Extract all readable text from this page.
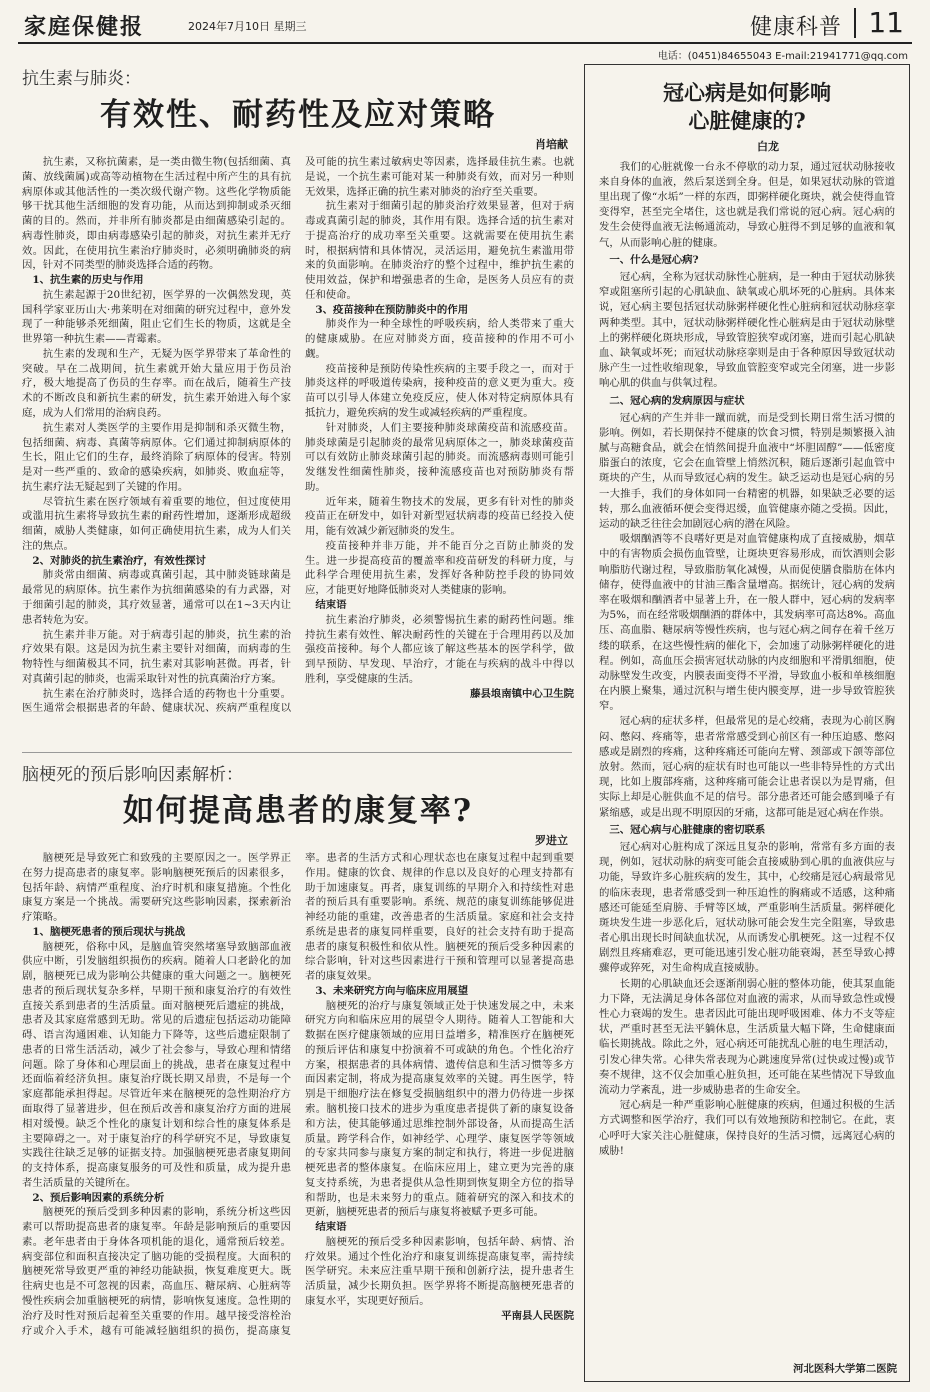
家庭保健报	2024年7月10日 星期三	健康科普 11
电话：(0451)84655043 E-mail:21941771@qq.com
抗生素与肺炎：
有效性、耐药性及应对策略
肖培献

抗生素，又称抗菌素，是一类由微生物(包括细菌、真菌、放线菌属)或高等动植物在生活过程中所产生的具有抗病原体或其他活性的一类次级代谢产物。这些化学物质能够干扰其他生活细胞的发育功能，从而达到抑制或杀灭细菌的目的。然而，并非所有肺炎都是由细菌感染引起的。病毒性肺炎，即由病毒感染引起的肺炎，对抗生素并无疗效。因此，在使用抗生素治疗肺炎时，必须明确肺炎的病因，针对不同类型的肺炎选择合适的药物。

1、抗生素的历史与作用

抗生素起源于20世纪初，医学界的一次偶然发现，英国科学家亚历山大·弗莱明在对细菌的研究过程中，意外发现了一种能够杀死细菌，阻止它们生长的物质，这就是全世界第一种抗生素——青霉素。

抗生素的发现和生产，无疑为医学界带来了革命性的突破。早在二战期间，抗生素就开始大量应用于伤员治疗，极大地提高了伤员的生存率。而在战后，随着生产技术的不断改良和新抗生素的研发，抗生素开始进入每个家庭，成为人们常用的治病良药。

抗生素对人类医学的主要作用是抑制和杀灭微生物，包括细菌、病毒、真菌等病原体。它们通过抑制病原体的生长，阻止它们的生存，最终消除了病原体的侵害。特别是对一些严重的、致命的感染疾病，如肺炎、败血症等，抗生素疗法无疑起到了关键的作用。

尽管抗生素在医疗领域有着重要的地位，但过度使用或滥用抗生素将导致抗生素的耐药性增加，逐渐形成超级细菌，威胁人类健康，如何正确使用抗生素，成为人们关注的焦点。

2、对肺炎的抗生素治疗，有效性探讨

肺炎常由细菌、病毒或真菌引起，其中肺炎链球菌是最常见的病原体。抗生素作为抗细菌感染的有力武器，对于细菌引起的肺炎，其疗效显著，通常可以在1~3天内让患者转危为安。

抗生素并非万能。对于病毒引起的肺炎，抗生素的治疗效果有限。这是因为抗生素主要针对细菌，而病毒的生物特性与细菌极其不同，抗生素对其影响甚微。再者，针对真菌引起的肺炎，也需采取针对性的抗真菌治疗方案。

抗生素在治疗肺炎时，选择合适的药物也十分重要。医生通常会根据患者的年龄、健康状况、疾病严重程度以及可能的抗生素过敏病史等因素，选择最佳抗生素。也就是说，一个抗生素可能对某一种肺炎有效，而对另一种则无效果，选择正确的抗生素对肺炎的治疗至关重要。

抗生素对于细菌引起的肺炎治疗效果显著，但对于病毒或真菌引起的肺炎，其作用有限。选择合适的抗生素对于提高治疗的成功率至关重要。这就需要在使用抗生素时，根据病情和具体情况，灵活运用，避免抗生素滥用带来的负面影响。在肺炎治疗的整个过程中，维护抗生素的使用效益，保护和增强患者的生命，是医务人员应有的责任和使命。

3、疫苗接种在预防肺炎中的作用

肺炎作为一种全球性的呼吸疾病，给人类带来了重大的健康威胁。在应对肺炎方面，疫苗接种的作用不可小觑。

疫苗接种是预防传染性疾病的主要手段之一，而对于肺炎这样的呼吸道传染病，接种疫苗的意义更为重大。疫苗可以引导人体建立免疫反应，使人体对特定病原体具有抵抗力，避免疾病的发生或减轻疾病的严重程度。

针对肺炎，人们主要接种肺炎球菌疫苗和流感疫苗。肺炎球菌是引起肺炎的最常见病原体之一，肺炎球菌疫苗可以有效防止肺炎球菌引起的肺炎。而流感病毒则可能引发继发性细菌性肺炎，接种流感疫苗也对预防肺炎有帮助。

近年来，随着生物技术的发展，更多有针对性的肺炎疫苗正在研发中，如针对新型冠状病毒的疫苗已经投入使用，能有效减少新冠肺炎的发生。

疫苗接种并非万能，并不能百分之百防止肺炎的发生。进一步提高疫苗的覆盖率和疫苗研发的科研力度，与此科学合理使用抗生素，发挥好各种防控手段的协同效应，才能更好地降低肺炎对人类健康的影响。

结束语

抗生素治疗肺炎，必须警惕抗生素的耐药性问题。维持抗生素有效性、解决耐药性的关键在于合理用药以及加强疫苗接种。每个人都应该了解这些基本的医学科学，做到早预防、早发现、早治疗，才能在与疾病的战斗中得以胜利，享受健康的生活。

藤县埌南镇中心卫生院
脑梗死的预后影响因素解析：
如何提高患者的康复率?
罗进立

脑梗死是导致死亡和致残的主要原因之一。医学界正在努力提高患者的康复率。影响脑梗死预后的因素很多，包括年龄、病情严重程度、治疗时机和康复措施。个性化康复方案是一个挑战。需要研究这些影响因素，探索新治疗策略。

1、脑梗死患者的预后现状与挑战

脑梗死，俗称中风，是脑血管突然堵塞导致脑部血液供应中断，引发脑组织损伤的疾病。随着人口老龄化的加剧，脑梗死已成为影响公共健康的重大问题之一。脑梗死患者的预后现状复杂多样，早期干预和康复治疗的有效性直接关系到患者的生活质量。面对脑梗死后遗症的挑战，患者及其家庭常感到无助。常见的后遗症包括运动功能障碍、语言沟通困难、认知能力下降等，这些后遗症限制了患者的日常生活活动，减少了社会参与，导致心理和情绪问题。除了身体和心理层面上的挑战，患者在康复过程中还面临着经济负担。康复治疗既长期又昂贵，不是每一个家庭都能承担得起。尽管近年来在脑梗死的急性期治疗方面取得了显著进步，但在预后改善和康复治疗方面的进展相对缓慢。缺乏个性化的康复计划和综合性的康复体系是主要障碍之一。对于康复治疗的科学研究不足，导致康复实践往往缺乏足够的证据支持。加强脑梗死患者康复期间的支持体系，提高康复服务的可及性和质量，成为提升患者生活质量的关键所在。

2、预后影响因素的系统分析

脑梗死的预后受到多种因素的影响，系统分析这些因素可以帮助提高患者的康复率。年龄是影响预后的重要因素。老年患者由于身体各项机能的退化，通常预后较差。病变部位和面积直接决定了脑功能的受损程度。大面积的脑梗死常导致更严重的神经功能缺损，恢复难度更大。既往病史也是不可忽视的因素，高血压、糖尿病、心脏病等慢性疾病会加重脑梗死的病情，影响恢复速度。急性期的治疗及时性对预后起着至关重要的作用。越早接受溶栓治疗或介入手术，越有可能减轻脑组织的损伤，提高康复率。患者的生活方式和心理状态也在康复过程中起到重要作用。健康的饮食、规律的作息以及良好的心理支持都有助于加速康复。再者，康复训练的早期介入和持续性对患者的预后具有重要影响。系统、规范的康复训练能够促进神经功能的重建，改善患者的生活质量。家庭和社会支持系统是患者的康复同样重要，良好的社会支持有助于提高患者的康复积极性和依从性。脑梗死的预后受多种因素的综合影响，针对这些因素进行干预和管理可以显著提高患者的康复效果。

3、未来研究方向与临床应用展望

脑梗死的治疗与康复领域正处于快速发展之中，未来研究方向和临床应用的展望令人期待。随着人工智能和大数据在医疗健康领域的应用日益增多，精准医疗在脑梗死的预后评估和康复中扮演着不可或缺的角色。个性化治疗方案，根据患者的具体病情、遗传信息和生活习惯等多方面因素定制，将成为提高康复效率的关键。再生医学，特别是干细胞疗法在修复受损脑组织中的潜力仍待进一步探索。脑机接口技术的进步为重度患者提供了新的康复设备和方法，使其能够通过思维控制外部设备，从而提高生活质量。跨学科合作，如神经学、心理学、康复医学等领域的专家共同参与康复方案的制定和执行，将进一步促进脑梗死患者的整体康复。在临床应用上，建立更为完善的康复支持系统，为患者提供从急性期到恢复期全方位的指导和帮助，也是未来努力的重点。随着研究的深入和技术的更新，脑梗死患者的预后与康复将被赋予更多可能。

结束语

脑梗死的预后受多种因素影响，包括年龄、病情、治疗效果。通过个性化治疗和康复训练提高康复率，需持续医学研究。未来应注重早期干预和创新疗法，提升患者生活质量，减少长期负担。医学界将不断提高脑梗死患者的康复水平，实现更好预后。

平南县人民医院
冠心病是如何影响
心脏健康的?
白龙

我们的心脏就像一台永不停歇的动力泵，通过冠状动脉接收来自身体的血液，然后泵送到全身。但是，如果冠状动脉的管道里出现了像“水垢”一样的东西，即粥样硬化斑块，就会使得血管变得窄，甚至完全堵住，这也就是我们常说的冠心病。冠心病的发生会使得血液无法畅通流动，导致心脏得不到足够的血液和氧气，从而影响心脏的健康。

一、什么是冠心病?

冠心病，全称为冠状动脉性心脏病，是一种由于冠状动脉狭窄或阻塞所引起的心肌缺血、缺氧或心肌坏死的心脏病。具体来说，冠心病主要包括冠状动脉粥样硬化性心脏病和冠状动脉痉挛两种类型。其中，冠状动脉粥样硬化性心脏病是由于冠状动脉壁上的粥样硬化斑块形成，导致管腔狭窄或闭塞，进而引起心肌缺血、缺氧或坏死；而冠状动脉痉挛则是由于各种原因导致冠状动脉产生一过性收缩现象，导致血管腔变窄或完全闭塞，进一步影响心肌的供血与供氧过程。

二、冠心病的发病原因与症状

冠心病的产生并非一蹴而就，而是受到长期日常生活习惯的影响。例如，若长期保持不健康的饮食习惯，特别是频繁摄入油腻与高糖食品，就会在悄然间提升血液中“坏胆固醇”——低密度脂蛋白的浓度，它会在血管壁上悄然沉积，随后逐渐引起血管中斑块的产生，从而导致冠心病的发生。缺乏运动也是冠心病的另一大推手，我们的身体如同一台精密的机器，如果缺乏必要的运转，那么血液循环便会变得迟缓，血管健康亦随之受损。因此，运动的缺乏往往会加剧冠心病的潜在风险。

吸烟酗酒等不良嗜好更是对血管健康构成了直接威胁，烟草中的有害物质会损伤血管壁，让斑块更容易形成，而饮酒则会影响脂肪代谢过程，导致脂肪氧化减慢，从而促使膳食脂肪在体内储存，使得血液中的甘油三酯含量增高。据统计，冠心病的发病率在吸烟和酗酒者中显著上升，在一般人群中，冠心病的发病率为5%，而在经常吸烟酗酒的群体中，其发病率可高达8%。高血压、高血脂、糖尿病等慢性疾病，也与冠心病之间存在着千丝万缕的联系，在这些慢性病的催化下，会加速了动脉粥样硬化的进程。例如，高血压会损害冠状动脉的内皮细胞和平滑肌细胞，使动脉壁发生改变，内膜表面变得不平滑，导致血小板和单核细胞在内膜上聚集，通过沉积与增生使内膜变厚，进一步导致管腔狭窄。

冠心病的症状多样，但最常见的是心绞痛，表现为心前区胸闷、憋闷、疼痛等，患者常常感受到心前区有一种压迫感、憋闷感或是剧烈的疼痛，这种疼痛还可能向左臂、颈部或下颌等部位放射。然而，冠心病的症状有时也可能以一些非特异性的方式出现，比如上腹部疼痛，这种疼痛可能会让患者误以为是胃痛，但实际上却是心脏供血不足的信号。部分患者还可能会感到嗓子有紧缩感，或是出现不明原因的牙痛，这都可能是冠心病在作祟。

三、冠心病与心脏健康的密切联系

冠心病对心脏构成了深远且复杂的影响，常常有多方面的表现，例如，冠状动脉的病变可能会直接威胁到心肌的血液供应与功能，导致许多心脏疾病的发生，其中，心绞痛是冠心病最常见的临床表现，患者常感受到一种压迫性的胸痛或不适感，这种痛感还可能延至肩膀、手臂等区域，严重影响生活质量。粥样硬化斑块发生进一步恶化后，冠状动脉可能会发生完全阻塞，导致患者心肌出现长时间缺血状况，从而诱发心肌梗死。这一过程不仅剧烈且疼痛难忍，更可能迅速引发心脏功能衰竭，甚至导致心搏骤停或猝死，对生命构成直接威胁。

长期的心肌缺血还会逐渐削弱心脏的整体功能，使其泵血能力下降，无法满足身体各部位对血液的需求，从而导致急性或慢性心力衰竭的发生。患者因此可能出现呼吸困难、体力不支等症状，严重时甚至无法平躺休息，生活质量大幅下降，生命健康面临长期挑战。除此之外，冠心病还可能扰乱心脏的电生理活动，引发心律失常。心律失常表现为心跳速度异常(过快或过慢)或节奏不规律，这不仅会加重心脏负担，还可能在某些情况下导致血流动力学紊乱，进一步威胁患者的生命安全。

冠心病是一种严重影响心脏健康的疾病，但通过积极的生活方式调整和医学治疗，我们可以有效地预防和控制它。在此，衷心呼吁大家关注心脏健康，保持良好的生活习惯，远离冠心病的威胁!

河北医科大学第二医院
